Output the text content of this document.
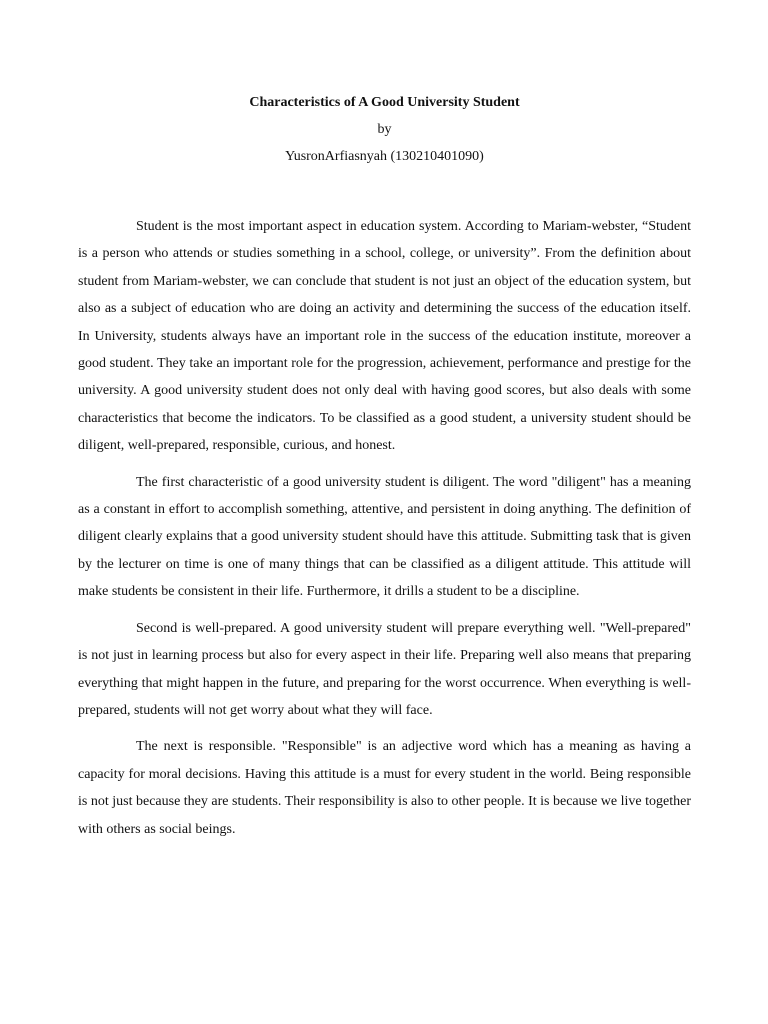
Characteristics of A Good University Student

by

YusronArfiasnyah (130210401090)

Student is the most important aspect in education system. According to Mariam-webster, “Student is a person who attends or studies something in a school, college, or university”. From the definition about student from Mariam-webster, we can conclude that student is not just an object of the education system, but also as a subject of education who are doing an activity and determining the success of the education itself. In University, students always have an important role in the success of the education institute, moreover a good student. They take an important role for the progression, achievement, performance and prestige for the university. A good university student does not only deal with having good scores, but also deals with some characteristics that become the indicators. To be classified as a good student, a university student should be diligent, well-prepared, responsible, curious, and honest.

The first characteristic of a good university student is diligent. The word "diligent" has a meaning as a constant in effort to accomplish something, attentive, and persistent in doing anything. The definition of diligent clearly explains that a good university student should have this attitude. Submitting task that is given by the lecturer on time is one of many things that can be classified as a diligent attitude. This attitude will make students be consistent in their life. Furthermore, it drills a student to be a discipline.

Second is well-prepared. A good university student will prepare everything well. "Well-prepared" is not just in learning process but also for every aspect in their life. Preparing well also means that preparing everything that might happen in the future, and preparing for the worst occurrence. When everything is well-prepared, students will not get worry about what they will face.

The next is responsible. "Responsible" is an adjective word which has a meaning as having a capacity for moral decisions. Having this attitude is a must for every student in the world. Being responsible is not just because they are students. Their responsibility is also to other people. It is because we live together with others as social beings.
